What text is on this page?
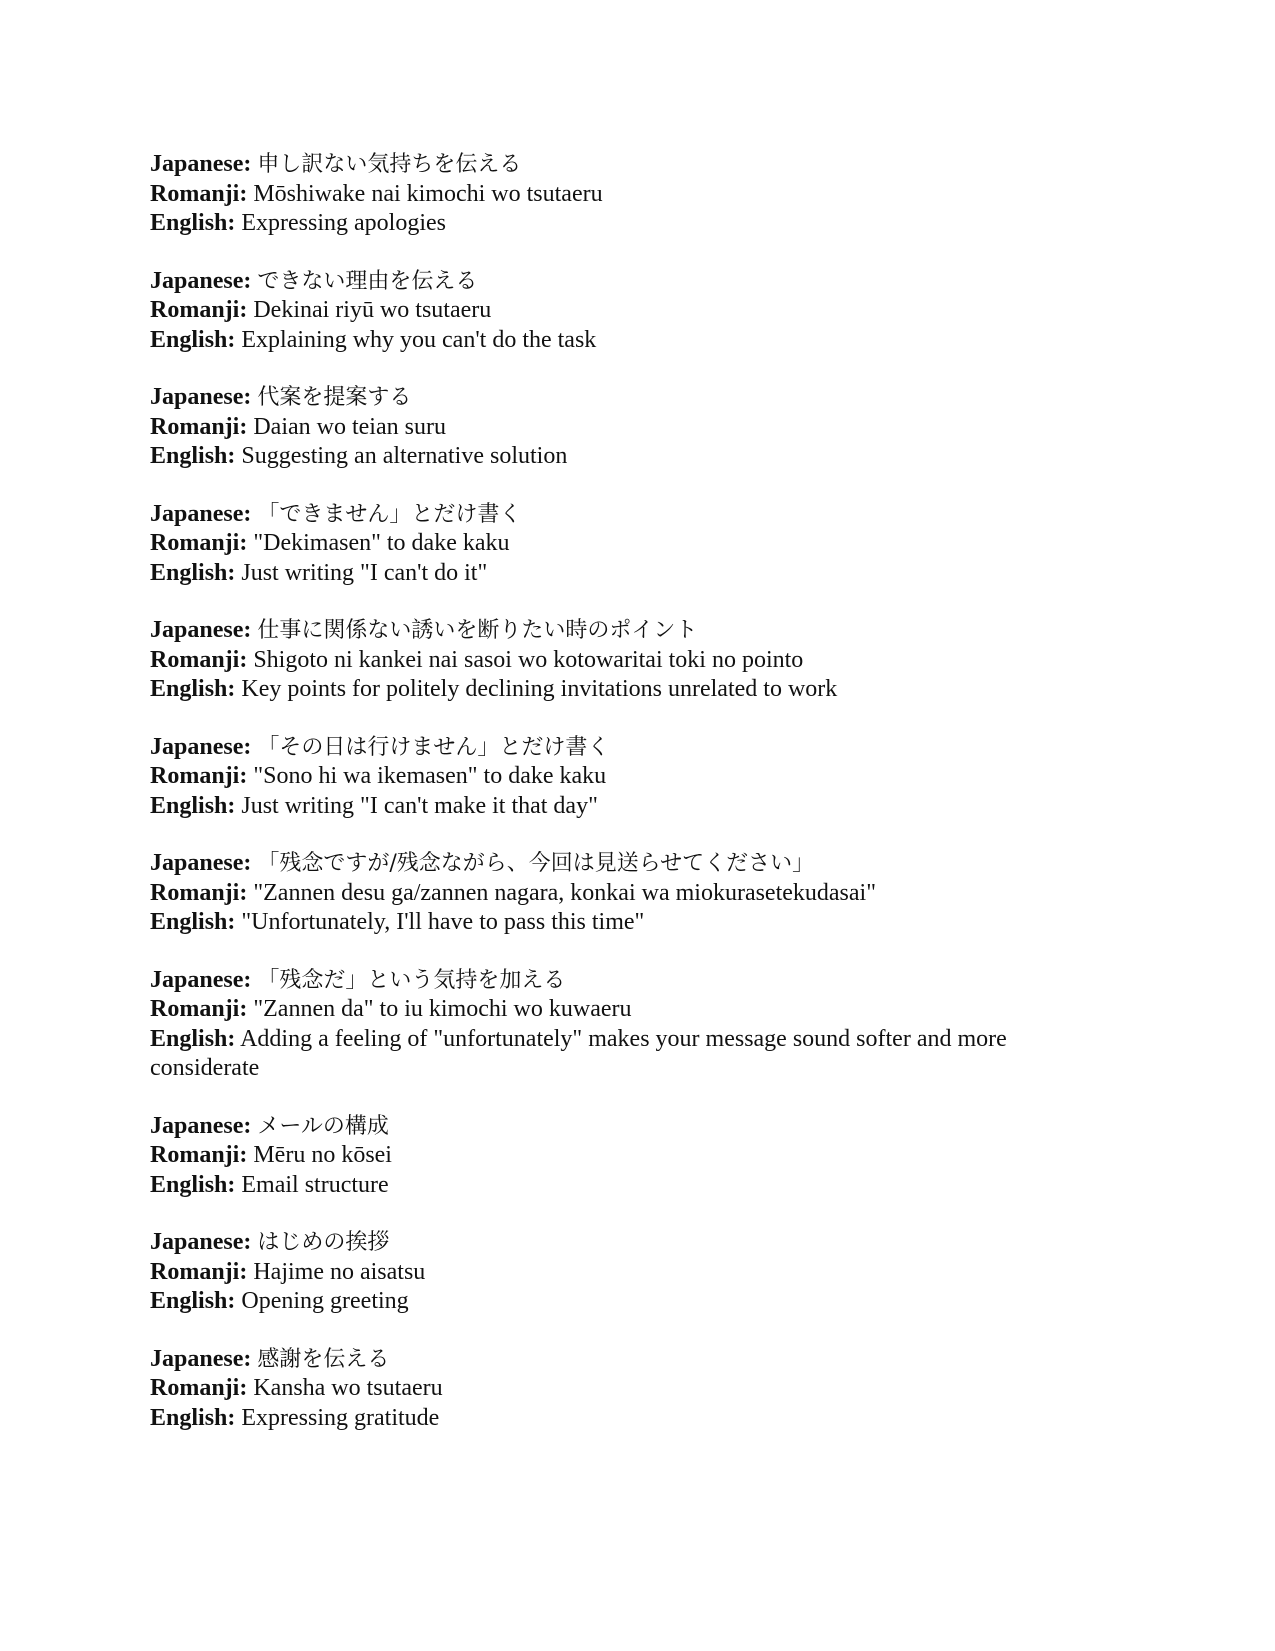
Japanese: 申し訳ない気持ちを伝える
Romanji: Mōshiwake nai kimochi wo tsutaeru
English: Expressing apologies
Japanese: できない理由を伝える
Romanji: Dekinai riyū wo tsutaeru
English: Explaining why you can't do the task
Japanese: 代案を提案する
Romanji: Daian wo teian suru
English: Suggesting an alternative solution
Japanese: 「できません」とだけ書く
Romanji: "Dekimasen" to dake kaku
English: Just writing "I can't do it"
Japanese: 仕事に関係ない誘いを断りたい時のポイント
Romanji: Shigoto ni kankei nai sasoi wo kotowaritai toki no pointo
English: Key points for politely declining invitations unrelated to work
Japanese: 「その日は行けません」とだけ書く
Romanji: "Sono hi wa ikemasen" to dake kaku
English: Just writing "I can't make it that day"
Japanese: 「残念ですが/残念ながら、今回は見送らせてください」
Romanji: "Zannen desu ga/zannen nagara, konkai wa miokurasetekudasai"
English: "Unfortunately, I'll have to pass this time"
Japanese: 「残念だ」という気持を加える
Romanji: "Zannen da" to iu kimochi wo kuwaeru
English: Adding a feeling of "unfortunately" makes your message sound softer and more considerate
Japanese: メールの構成
Romanji: Mēru no kōsei
English: Email structure
Japanese: はじめの挨拶
Romanji: Hajime no aisatsu
English: Opening greeting
Japanese: 感謝を伝える
Romanji: Kansha wo tsutaeru
English: Expressing gratitude
